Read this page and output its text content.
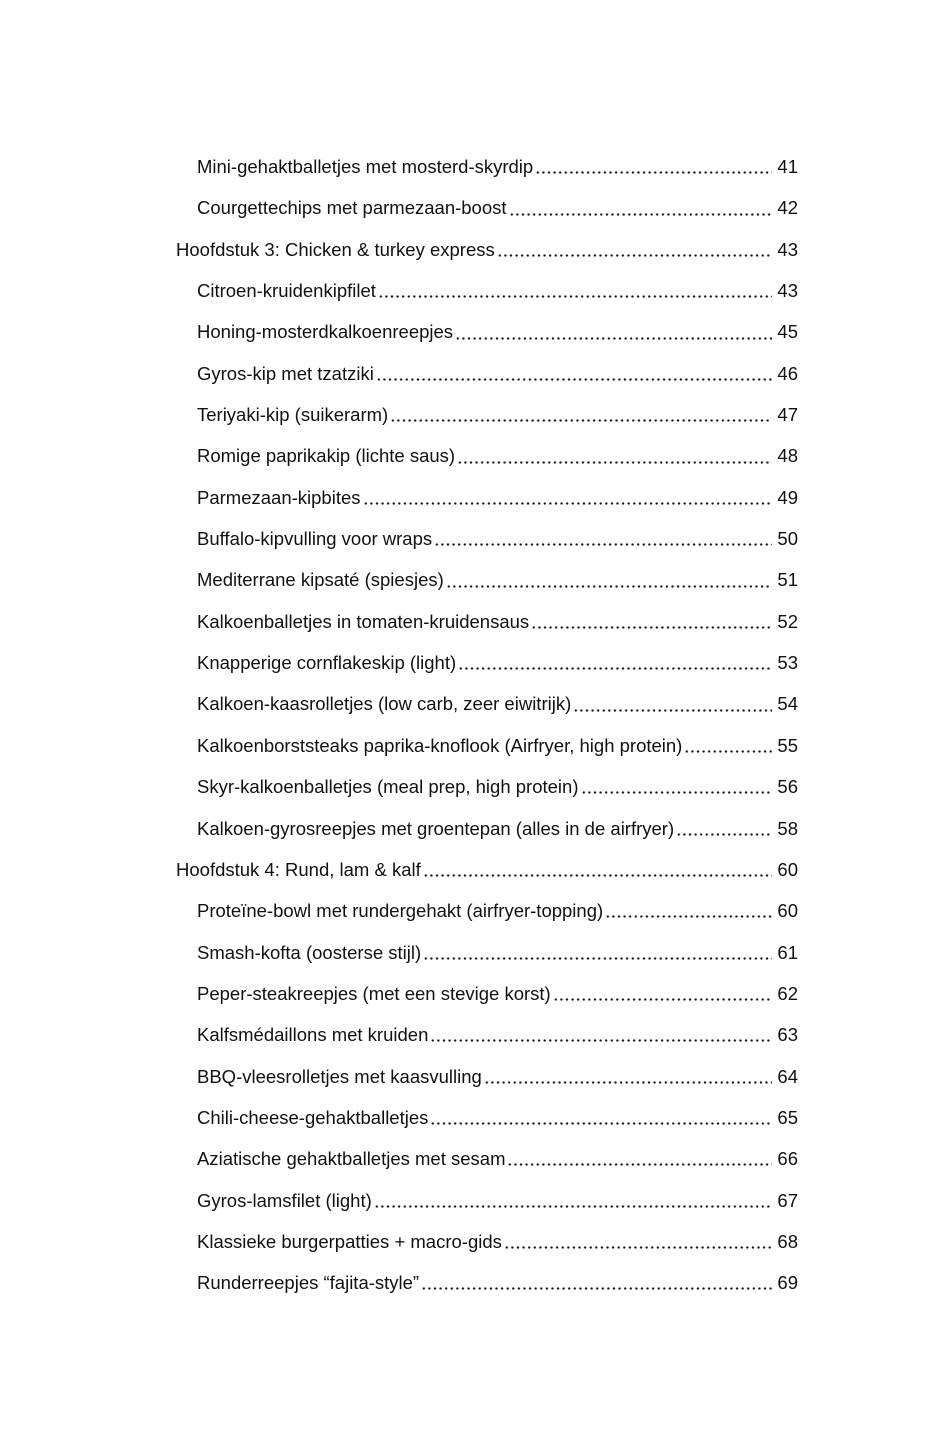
Mini-gehaktballetjes met mosterd-skyrdip	41
Courgettechips met parmezaan-boost	42
Hoofdstuk 3: Chicken & turkey express	43
Citroen-kruidenkipfilet	43
Honing-mosterdkalkoenreepjes	45
Gyros-kip met tzatziki	46
Teriyaki-kip (suikerarm)	47
Romige paprikakip (lichte saus)	48
Parmezaan-kipbites	49
Buffalo-kipvulling voor wraps	50
Mediterrane kipsaté (spiesjes)	51
Kalkoenballetjes in tomaten-kruidensaus	52
Knapperige cornflakeskip (light)	53
Kalkoen-kaasrolletjes (low carb, zeer eiwitrijk)	54
Kalkoenborststeaks paprika-knoflook (Airfryer, high protein)	55
Skyr-kalkoenballetjes (meal prep, high protein)	56
Kalkoen-gyrosreepjes met groentepan (alles in de airfryer)	58
Hoofdstuk 4: Rund, lam & kalf	60
Proteïne-bowl met rundergehakt (airfryer-topping)	60
Smash-kofta (oosterse stijl)	61
Peper-steakreepjes (met een stevige korst)	62
Kalfsmédaillons met kruiden	63
BBQ-vleesrolletjes met kaasvulling	64
Chili-cheese-gehaktballetjes	65
Aziatische gehaktballetjes met sesam	66
Gyros-lamsfilet (light)	67
Klassieke burgerpatties + macro-gids	68
Runderreepjes “fajita-style”	69
